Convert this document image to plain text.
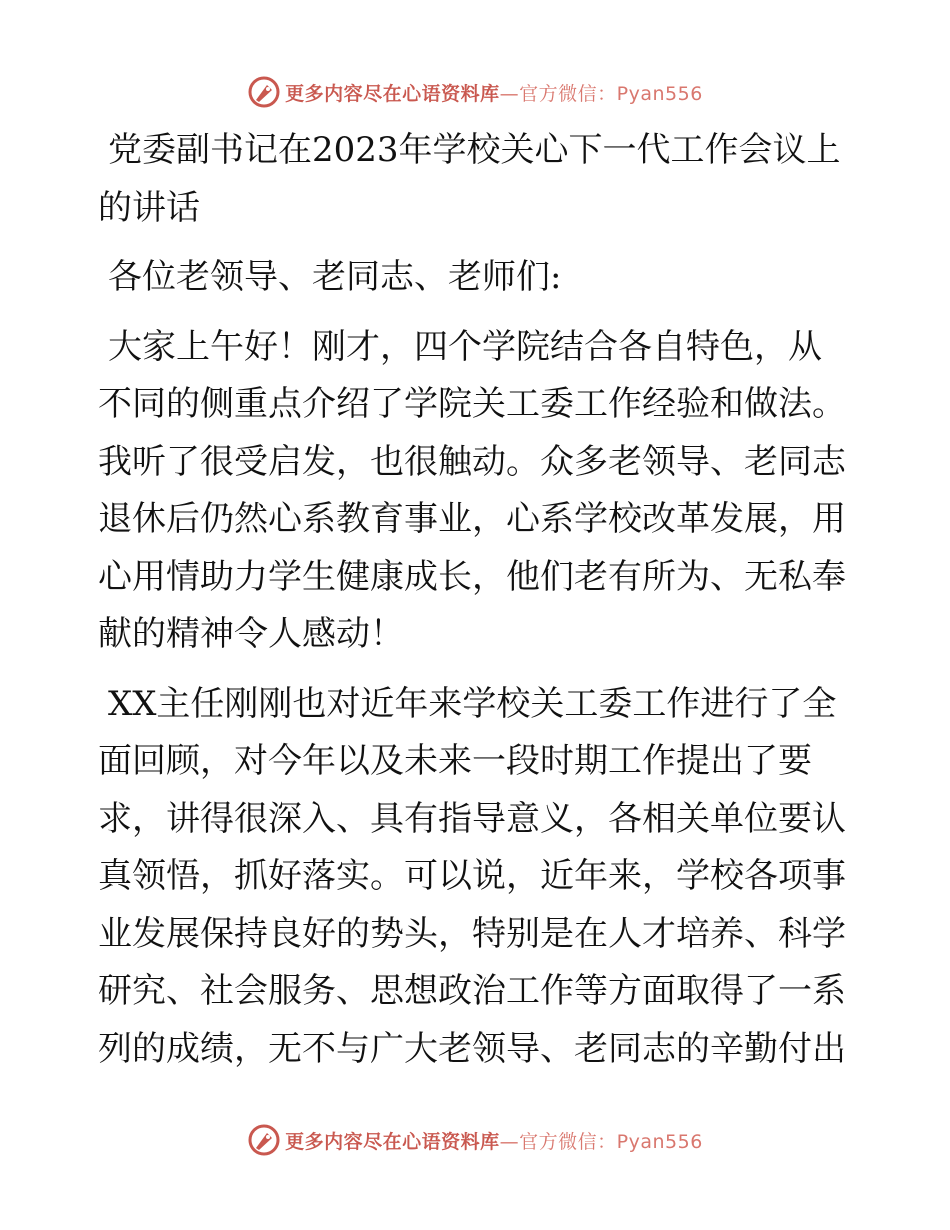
更多内容尽在心语资料库 —官方微信：Pyan556

党委副书记在2023年学校关心下一代工作会议上的讲话

各位老领导、老同志、老师们:

大家上午好！刚才，四个学院结合各自特色，从不同的侧重点介绍了学院关工委工作经验和做法。我听了很受启发，也很触动。众多老领导、老同志退休后仍然心系教育事业，心系学校改革发展，用心用情助力学生健康成长，他们老有所为、无私奉献的精神令人感动！

XX主任刚刚也对近年来学校关工委工作进行了全面回顾，对今年以及未来一段时期工作提出了要求，讲得很深入、具有指导意义，各相关单位要认真领悟，抓好落实。可以说，近年来，学校各项事业发展保持良好的势头，特别是在人才培养、科学研究、社会服务、思想政治工作等方面取得了一系列的成绩，无不与广大老领导、老同志的辛勤付出

更多内容尽在心语资料库 —官方微信：Pyan556
